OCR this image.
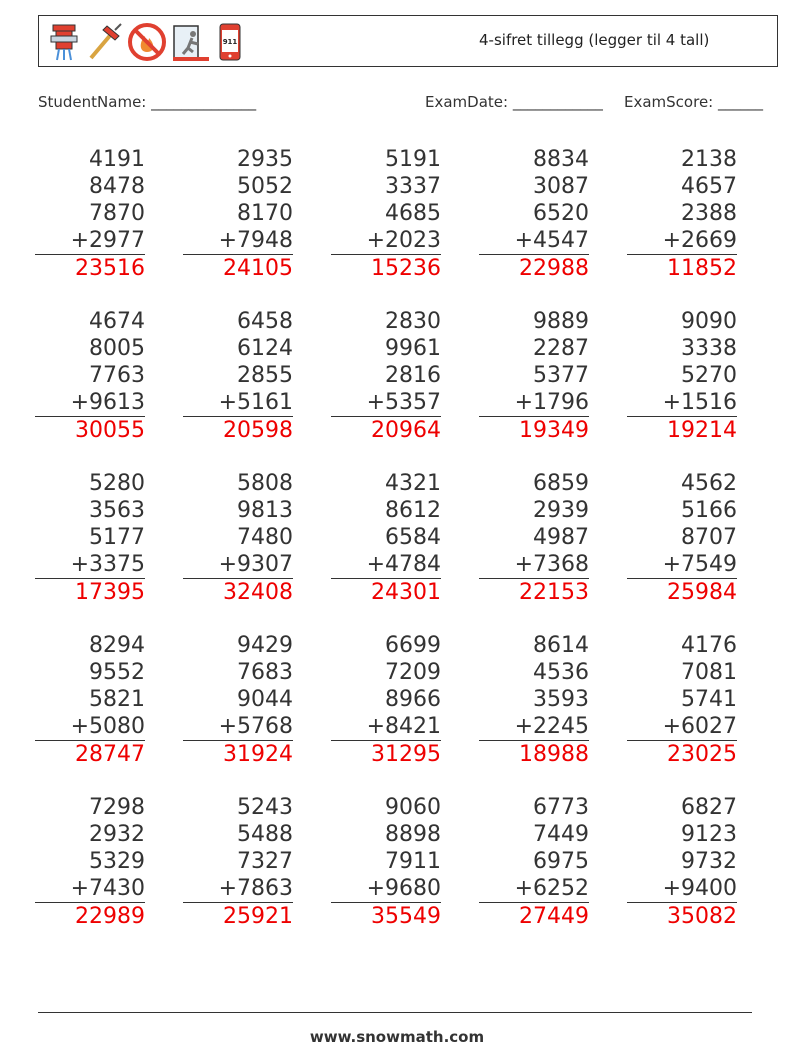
911	4-sifret tillegg (legger til 4 tall)
StudentName: ______________	ExamDate: ____________ ExamScore: ______
4191
8478
7870
+2977
23516
2935
5052
8170
+7948
24105
5191
3337
4685
+2023
15236
8834
3087
6520
+4547
22988
2138
4657
2388
+2669
11852
4674
8005
7763
+9613
30055
6458
6124
2855
+5161
20598
2830
9961
2816
+5357
20964
9889
2287
5377
+1796
19349
9090
3338
5270
+1516
19214
5280
3563
5177
+3375
17395
5808
9813
7480
+9307
32408
4321
8612
6584
+4784
24301
6859
2939
4987
+7368
22153
4562
5166
8707
+7549
25984
8294
9552
5821
+5080
28747
9429
7683
9044
+5768
31924
6699
7209
8966
+8421
31295
8614
4536
3593
+2245
18988
4176
7081
5741
+6027
23025
7298
2932
5329
+7430
22989
5243
5488
7327
+7863
25921
9060
8898
7911
+9680
35549
6773
7449
6975
+6252
27449
6827
9123
9732
+9400
35082
www.snowmath.com
